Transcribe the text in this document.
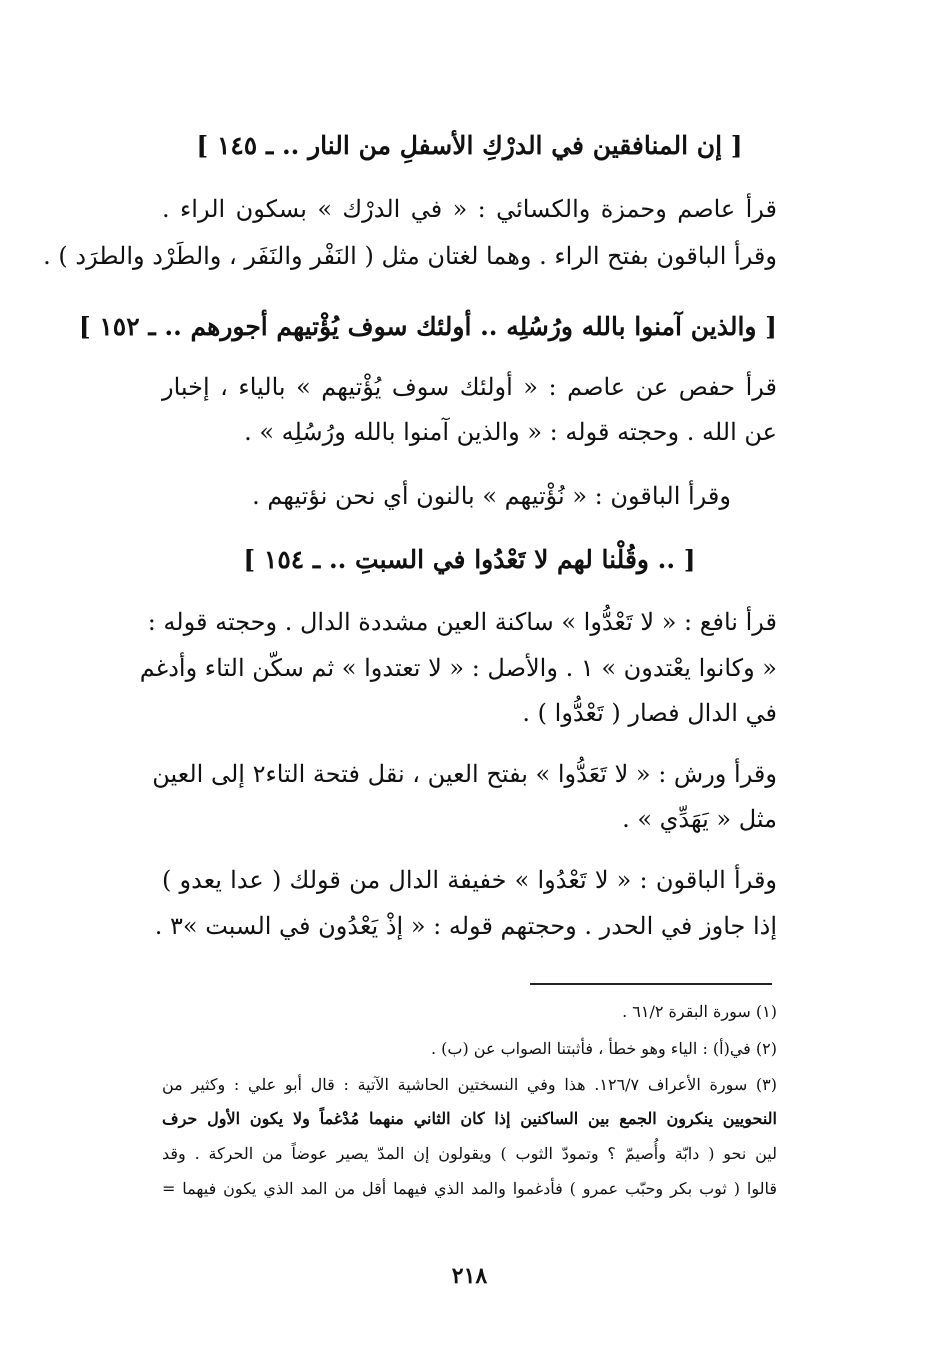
[ إن المنافقين في الدرْكِ الأسفلِ من النار .. ـ ١٤٥ ]
قرأ عاصم وحمزة والكسائي : « في الدرْك » بسكون الراء .
وقرأ الباقون بفتح الراء . وهما لغتان مثل ( النَفْر والنَفَر ، والطَرْد والطرَد ) .
[ والذين آمنوا بالله ورُسُلِه .. أولئك سوف يُؤْتيهم أجورهم .. ـ ١٥٢ ]
قرأ حفص عن عاصم : « أولئك سوف يُؤْتيهم » بالياء ، إخبار
عن الله . وحجته قوله : « والذين آمنوا بالله ورُسُلِه » .
وقرأ الباقون : « نُؤْتيهم » بالنون أي نحن نؤتيهم .
[ .. وقُلْنا لهم لا تَعْدُوا في السبتِ .. ـ ١٥٤ ]
قرأ نافع : « لا تَعْدُّوا » ساكنة العين مشددة الدال . وحجته قوله :
« وكانوا يعْتدون » ١ . والأصل : « لا تعتدوا » ثم سكّن التاء وأدغم
في الدال فصار ( تَعْدُّوا ) .
وقرأ ورش : « لا تَعَدُّوا » بفتح العين ، نقل فتحة التاء٢ إلى العين
مثل « يَهَدِّي » .
وقرأ الباقون : « لا تَعْدُوا » خفيفة الدال من قولك ( عدا يعدو )
إذا جاوز في الحدر . وحجتهم قوله : « إذْ يَعْدُون في السبت »٣ .
(١) سورة البقرة ٦١/٢ .
(٢) في(أ) : الياء وهو خطأ ، فأثبتنا الصواب عن (ب) .
(٣) سورة الأعراف ١٢٦/٧. هذا وفي النسختين الحاشية الآتية : قال أبو علي : وكثير من
النحويين ينكرون الجمع بين الساكنين إذا كان الثاني منهما مُدْغماً ولا يكون الأول حرف
لين نحو ( دابّة وأُصيمّ ؟ وتمودّ الثوب ) ويقولون إن المدّ يصير عوضاً من الحركة . وقد
قالوا ( ثوب بكر وحبّب عمرو ) فأدغموا والمد الذي فيهما أقل من المد الذي يكون فيهما =
٢١٨
